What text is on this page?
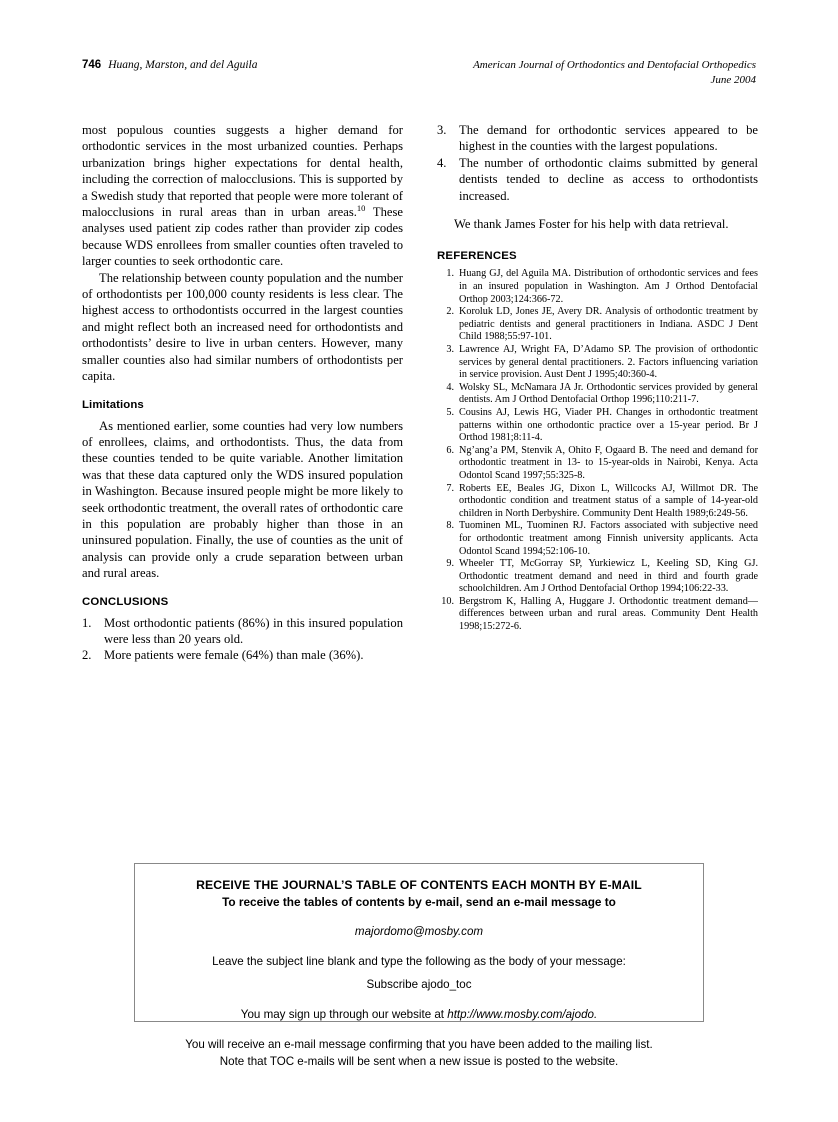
746 Huang, Marston, and del Aguila	American Journal of Orthodontics and Dentofacial Orthopedics
June 2004

most populous counties suggests a higher demand for orthodontic services in the most urbanized counties. Perhaps urbanization brings higher expectations for dental health, including the correction of malocclusions. This is supported by a Swedish study that reported that people were more tolerant of malocclusions in rural areas than in urban areas.$^{10}$ These analyses used patient zip codes rather than provider zip codes because WDS enrollees from smaller counties often traveled to larger counties to seek orthodontic care.

The relationship between county population and the number of orthodontists per 100,000 county residents is less clear. The highest access to orthodontists occurred in the largest counties and might reflect both an increased need for orthodontists and orthodontists’ desire to live in urban centers. However, many smaller counties also had similar numbers of orthodontists per capita.

Limitations

As mentioned earlier, some counties had very low numbers of enrollees, claims, and orthodontists. Thus, the data from these counties tended to be quite variable. Another limitation was that these data captured only the WDS insured population in Washington. Because insured people might be more likely to seek orthodontic treatment, the overall rates of orthodontic care in this population are probably higher than those in an uninsured population. Finally, the use of counties as the unit of analysis can provide only a crude separation between urban and rural areas.

CONCLUSIONS
1. Most orthodontic patients (86%) in this insured population were less than 20 years old.
2. More patients were female (64%) than male (36%).
3. The demand for orthodontic services appeared to be highest in the counties with the largest populations.
4. The number of orthodontic claims submitted by general dentists tended to decline as access to orthodontists increased.

We thank James Foster for his help with data retrieval.

REFERENCES
1. Huang GJ, del Aguila MA. Distribution of orthodontic services and fees in an insured population in Washington. Am J Orthod Dentofacial Orthop 2003;124:366-72.
2. Koroluk LD, Jones JE, Avery DR. Analysis of orthodontic treatment by pediatric dentists and general practitioners in Indiana. ASDC J Dent Child 1988;55:97-101.
3. Lawrence AJ, Wright FA, D’Adamo SP. The provision of orthodontic services by general dental practitioners. 2. Factors influencing variation in service provision. Aust Dent J 1995;40:360-4.
4. Wolsky SL, McNamara JA Jr. Orthodontic services provided by general dentists. Am J Orthod Dentofacial Orthop 1996;110:211-7.
5. Cousins AJ, Lewis HG, Viader PH. Changes in orthodontic treatment patterns within one orthodontic practice over a 15-year period. Br J Orthod 1981;8:11-4.
6. Ng’ang’a PM, Stenvik A, Ohito F, Ogaard B. The need and demand for orthodontic treatment in 13- to 15-year-olds in Nairobi, Kenya. Acta Odontol Scand 1997;55:325-8.
7. Roberts EE, Beales JG, Dixon L, Willcocks AJ, Willmot DR. The orthodontic condition and treatment status of a sample of 14-year-old children in North Derbyshire. Community Dent Health 1989;6:249-56.
8. Tuominen ML, Tuominen RJ. Factors associated with subjective need for orthodontic treatment among Finnish university applicants. Acta Odontol Scand 1994;52:106-10.
9. Wheeler TT, McGorray SP, Yurkiewicz L, Keeling SD, King GJ. Orthodontic treatment demand and need in third and fourth grade schoolchildren. Am J Orthod Dentofacial Orthop 1994;106:22-33.
10. Bergstrom K, Halling A, Huggare J. Orthodontic treatment demand—differences between urban and rural areas. Community Dent Health 1998;15:272-6.
RECEIVE THE JOURNAL’S TABLE OF CONTENTS EACH MONTH BY E-MAIL
To receive the tables of contents by e-mail, send an e-mail message to
majordomo@mosby.com
Leave the subject line blank and type the following as the body of your message:
Subscribe ajodo_toc
You may sign up through our website at http://www.mosby.com/ajodo.
You will receive an e-mail message confirming that you have been added to the mailing list.
Note that TOC e-mails will be sent when a new issue is posted to the website.
